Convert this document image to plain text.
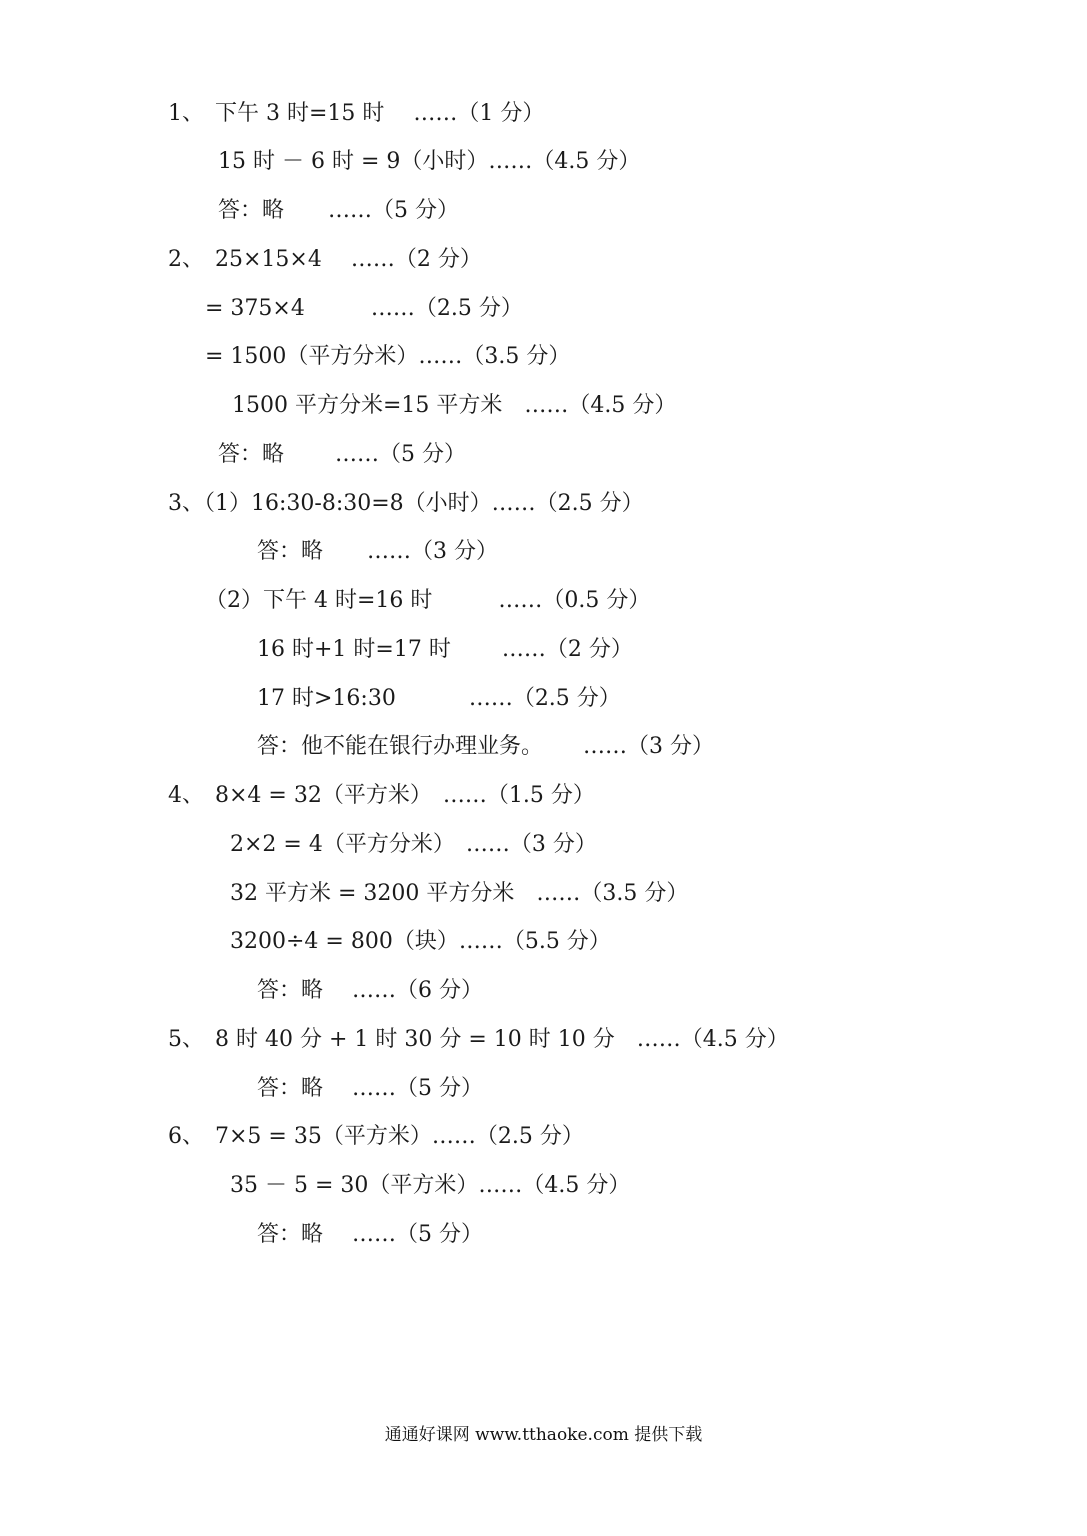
1、　下午 3 时=15 时　 ……（1 分）

15 时 － 6 时 = 9（小时）……（4.5 分）

答：略　　……（5 分）

2、　25×15×4　 ……（2 分）

= 375×4　　　……（2.5 分）

= 1500（平方分米）……（3.5 分）

1500 平方分米=15 平方米　……（4.5 分）

答：略　　 ……（5 分）

3、（1）16:30-8:30=8（小时）……（2.5 分）

答：略　　……（3 分）

（2）下午 4 时=16 时　　　……（0.5 分）

16 时+1 时=17 时　　 ……（2 分）

17 时>16:30　　　 ……（2.5 分）

答：他不能在银行办理业务。　　 ……（3 分）

4、　8×4 = 32（平方米）　……（1.5 分）

2×2 = 4（平方分米）　……（3 分）

32 平方米 = 3200 平方分米　……（3.5 分）

3200÷4 = 800（块）……（5.5 分）

答：略　 ……（6 分）

5、　8 时 40 分 + 1 时 30 分 = 10 时 10 分　……（4.5 分）

答：略　 ……（5 分）

6、　7×5 = 35（平方米）……（2.5 分）

35 － 5 = 30（平方米）……（4.5 分）

答：略　 ……（5 分）

通通好课网 www.tthaoke.com 提供下载
